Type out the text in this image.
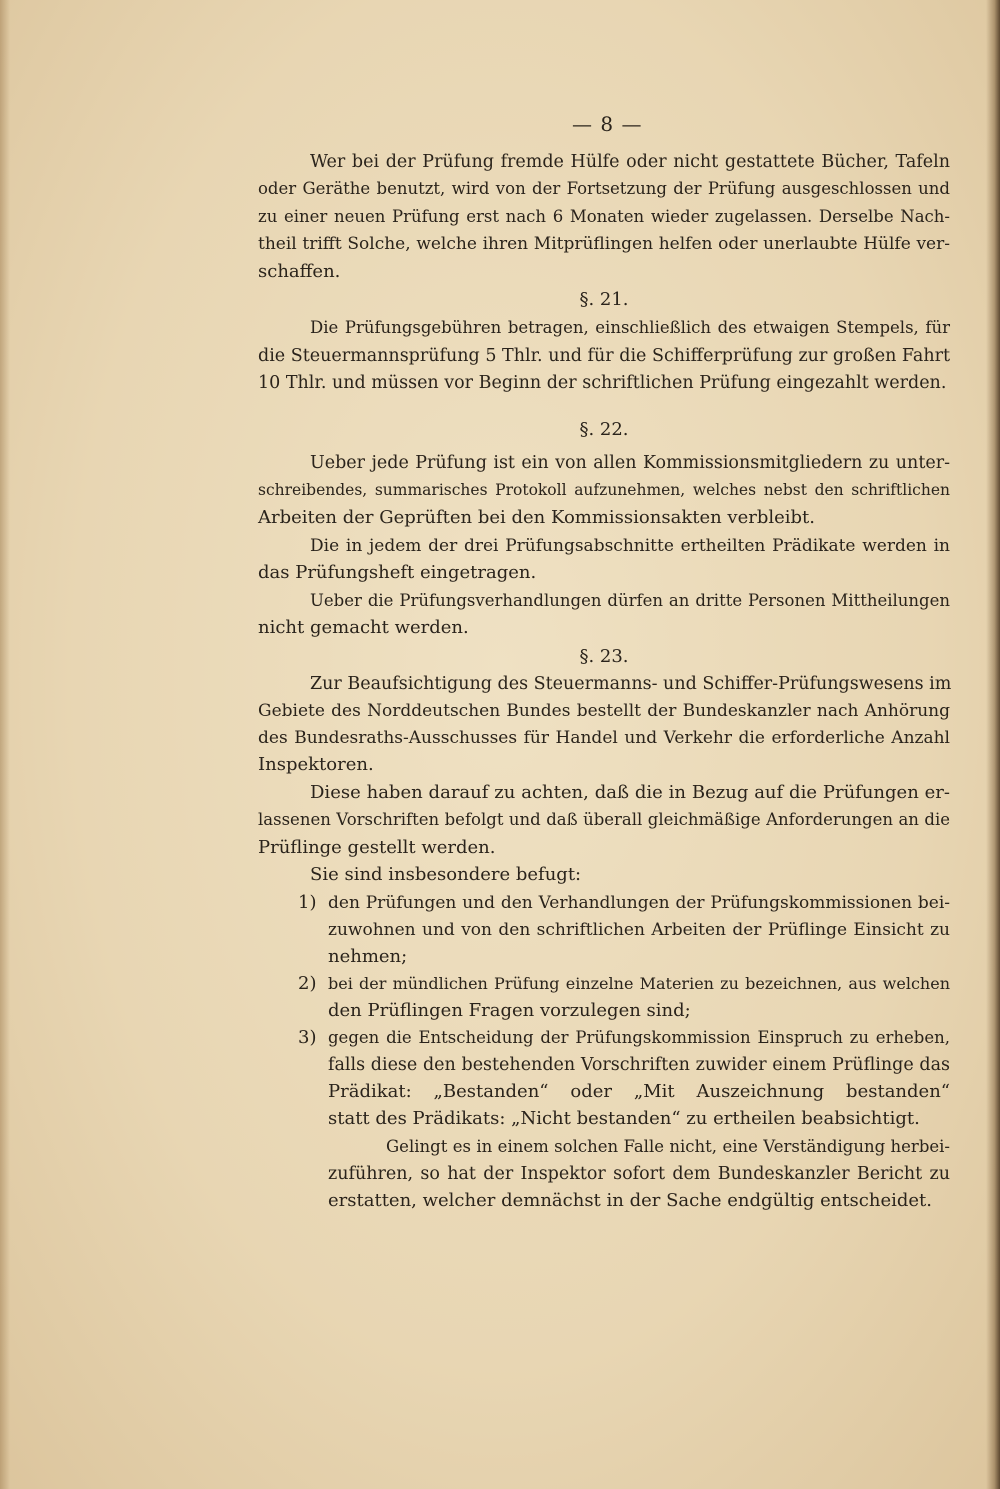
— 8 —
Wer bei der Prüfung fremde Hülfe oder nicht gestattete Bücher, Tafeln
oder Geräthe benutzt, wird von der Fortsetzung der Prüfung ausgeschlossen und
zu einer neuen Prüfung erst nach 6 Monaten wieder zugelassen. Derselbe Nach-
theil trifft Solche, welche ihren Mitprüflingen helfen oder unerlaubte Hülfe ver-
schaffen.
§. 21.
Die Prüfungsgebühren betragen, einschließlich des etwaigen Stempels, für
die Steuermannsprüfung 5 Thlr. und für die Schifferprüfung zur großen Fahrt
10 Thlr. und müssen vor Beginn der schriftlichen Prüfung eingezahlt werden.
§. 22.
Ueber jede Prüfung ist ein von allen Kommissionsmitgliedern zu unter-
schreibendes, summarisches Protokoll aufzunehmen, welches nebst den schriftlichen
Arbeiten der Geprüften bei den Kommissionsakten verbleibt.
Die in jedem der drei Prüfungsabschnitte ertheilten Prädikate werden in
das Prüfungsheft eingetragen.
Ueber die Prüfungsverhandlungen dürfen an dritte Personen Mittheilungen
nicht gemacht werden.
§. 23.
Zur Beaufsichtigung des Steuermanns- und Schiffer-Prüfungswesens im
Gebiete des Norddeutschen Bundes bestellt der Bundeskanzler nach Anhörung
des Bundesraths-Ausschusses für Handel und Verkehr die erforderliche Anzahl
Inspektoren.
Diese haben darauf zu achten, daß die in Bezug auf die Prüfungen er-
lassenen Vorschriften befolgt und daß überall gleichmäßige Anforderungen an die
Prüflinge gestellt werden.
Sie sind insbesondere befugt:
1) den Prüfungen und den Verhandlungen der Prüfungskommissionen bei-
zuwohnen und von den schriftlichen Arbeiten der Prüflinge Einsicht zu
nehmen;
2) bei der mündlichen Prüfung einzelne Materien zu bezeichnen, aus welchen
den Prüflingen Fragen vorzulegen sind;
3) gegen die Entscheidung der Prüfungskommission Einspruch zu erheben,
falls diese den bestehenden Vorschriften zuwider einem Prüflinge das
Prädikat: „Bestanden“ oder „Mit Auszeichnung bestanden“
statt des Prädikats: „Nicht bestanden“ zu ertheilen beabsichtigt.
Gelingt es in einem solchen Falle nicht, eine Verständigung herbei-
zuführen, so hat der Inspektor sofort dem Bundeskanzler Bericht zu
erstatten, welcher demnächst in der Sache endgültig entscheidet.
